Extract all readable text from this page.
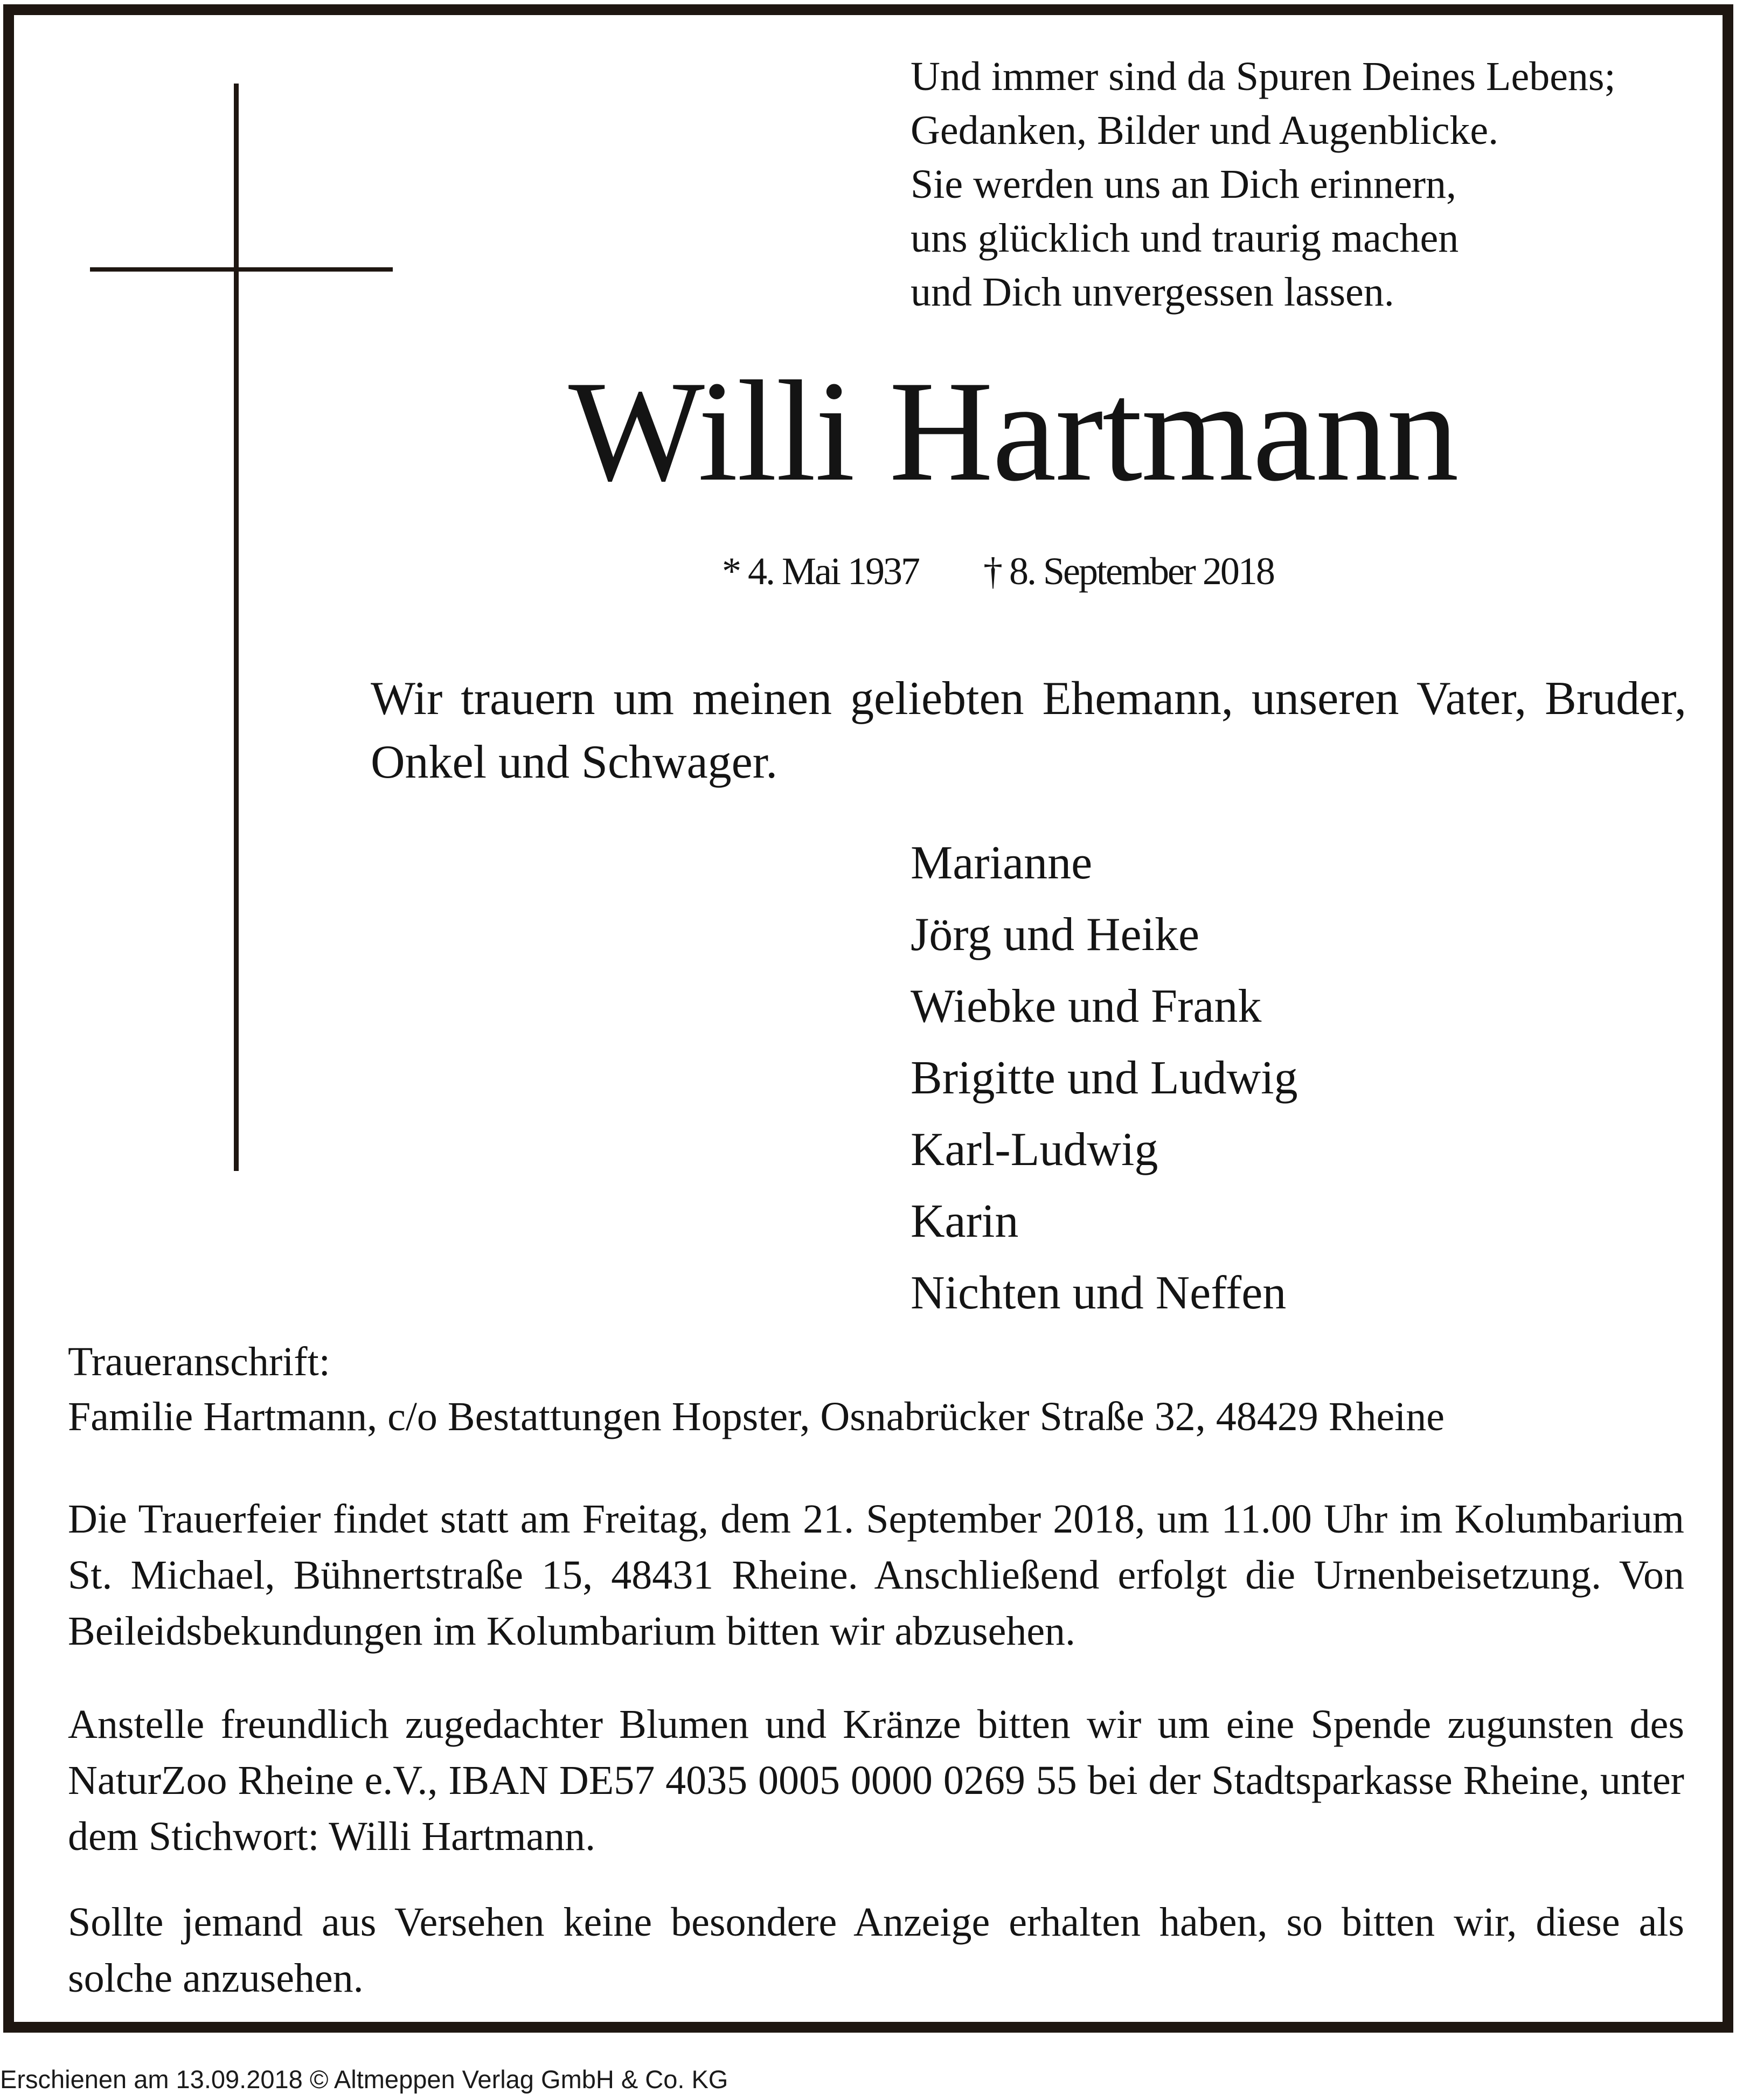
Und immer sind da Spuren Deines Lebens;
Gedanken, Bilder und Augenblicke.
Sie werden uns an Dich erinnern,
uns glücklich und traurig machen
und Dich unvergessen lassen.
Willi Hartmann
* 4. Mai 1937 † 8. September 2018
Wir trauern um meinen geliebten Ehemann, unseren Vater, Bruder, Onkel und Schwager.
Marianne
Jörg und Heike
Wiebke und Frank
Brigitte und Ludwig
Karl-Ludwig
Karin
Nichten und Neffen
Traueranschrift:
Familie Hartmann, c/o Bestattungen Hopster, Osnabrücker Straße 32, 48429 Rheine

Die Trauerfeier findet statt am Freitag, dem 21. September 2018, um 11.00 Uhr im Kolumbarium St. Michael, Bühnertstraße 15, 48431 Rheine. Anschließend erfolgt die Urnenbeisetzung. Von Beileidsbekundungen im Kolumbarium bitten wir abzusehen.

Anstelle freundlich zugedachter Blumen und Kränze bitten wir um eine Spende zugunsten des NaturZoo Rheine e.V., IBAN DE57 4035 0005 0000 0269 55 bei der Stadtsparkasse Rheine, unter dem Stichwort: Willi Hartmann.

Sollte jemand aus Versehen keine besondere Anzeige erhalten haben, so bitten wir, diese als solche anzusehen.

Erschienen am 13.09.2018 © Altmeppen Verlag GmbH & Co. KG
